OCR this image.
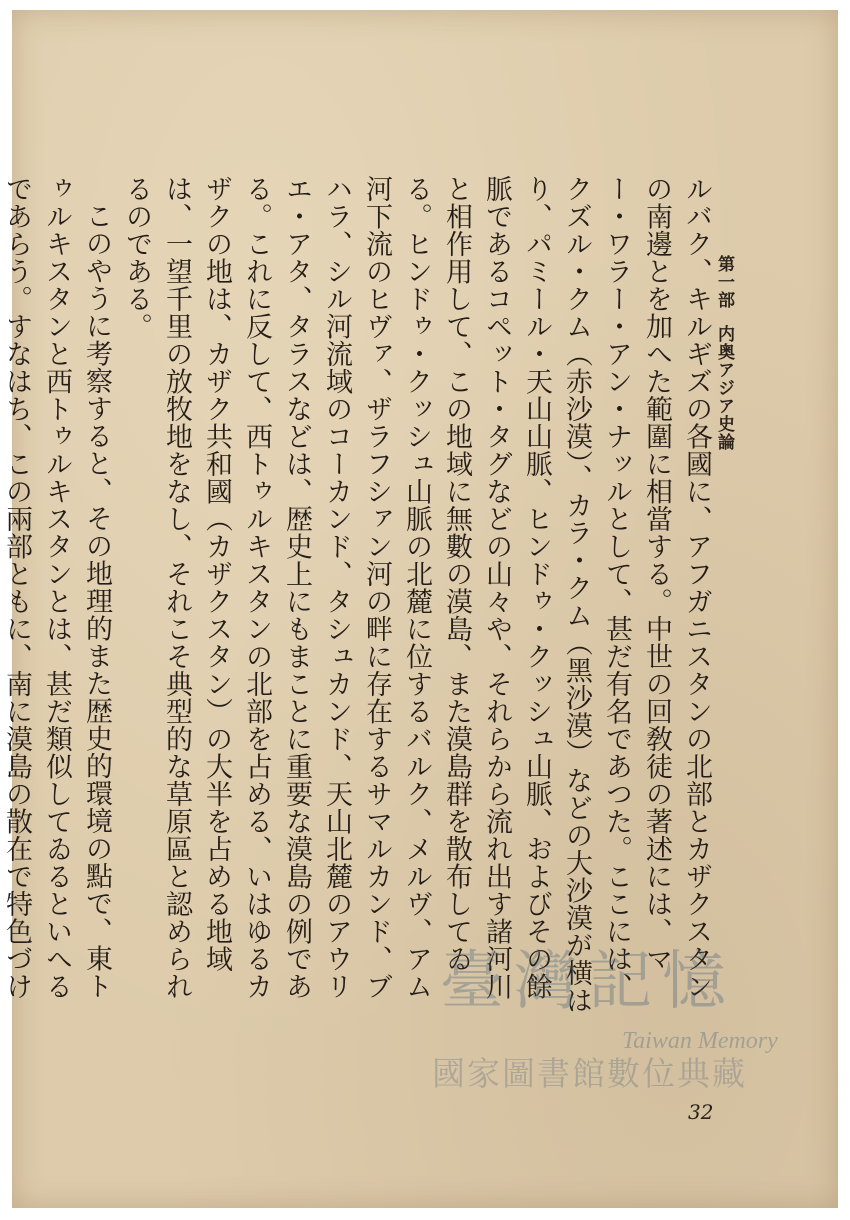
第一部内奥アジア史論

ルバク、キルギズの各國に、アフガニスタンの北部とカザクスタンの南邊とを加へた範圍に相當する。中世の回敎徒の著述には、マー・ワラー・アン・ナッルとして、甚だ有名であつた。ここには、クズル・クム（赤沙漠）、カラ・クム（黑沙漠）などの大沙漠が横はり、パミール・天山山脈、ヒンドゥ・クッシュ山脈、およびその餘脈であるコペット・タグなどの山々や、それらから流れ出す諸河川と相作用して、この地域に無數の漠島、また漠島群を散布してゐる。ヒンドゥ・クッシュ山脈の北麓に位するバルク、メルヴ、アム河下流のヒヴァ、ザラフシァン河の畔に存在するサマルカンド、ブハラ、シル河流域のコーカンド、タシュカンド、天山北麓のアウリエ・アタ、タラスなどは、歴史上にもまことに重要な漠島の例である。これに反して、西トゥルキスタンの北部を占める、いはゆるカザクの地は、カザク共和國（カザクスタン）の大半を占める地域は、一望千里の放牧地をなし、それこそ典型的な草原區と認められるのである。

このやうに考察すると、その地理的また歴史的環境の點で、東トゥルキスタンと西トゥルキスタンとは、甚だ類似してゐるといへるであらう。すなはち、この兩部ともに、南に漠島の散在で特色づけ

32
臺灣記憶
Taiwan Memory
國家圖書館數位典藏
